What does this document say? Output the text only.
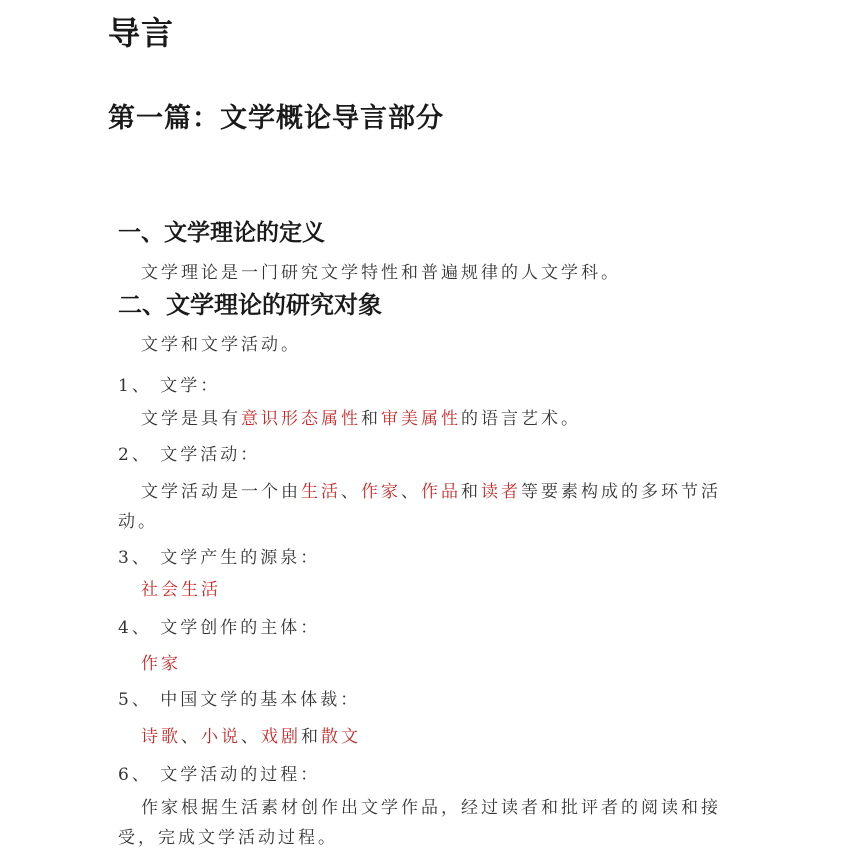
导言
第一篇：文学概论导言部分
一、文学理论的定义
文学理论是一门研究文学特性和普遍规律的人文学科。
二、文学理论的研究对象
文学和文学活动。
1、 文学：
文学是具有意识形态属性和审美属性的语言艺术。
2、 文学活动：
文学活动是一个由生活、作家、作品和读者等要素构成的多环节活动。
3、 文学产生的源泉：
社会生活
4、 文学创作的主体：
作家
5、 中国文学的基本体裁：
诗歌、小说、戏剧和散文
6、 文学活动的过程：
作家根据生活素材创作出文学作品，经过读者和批评者的阅读和接受，完成文学活动过程。
